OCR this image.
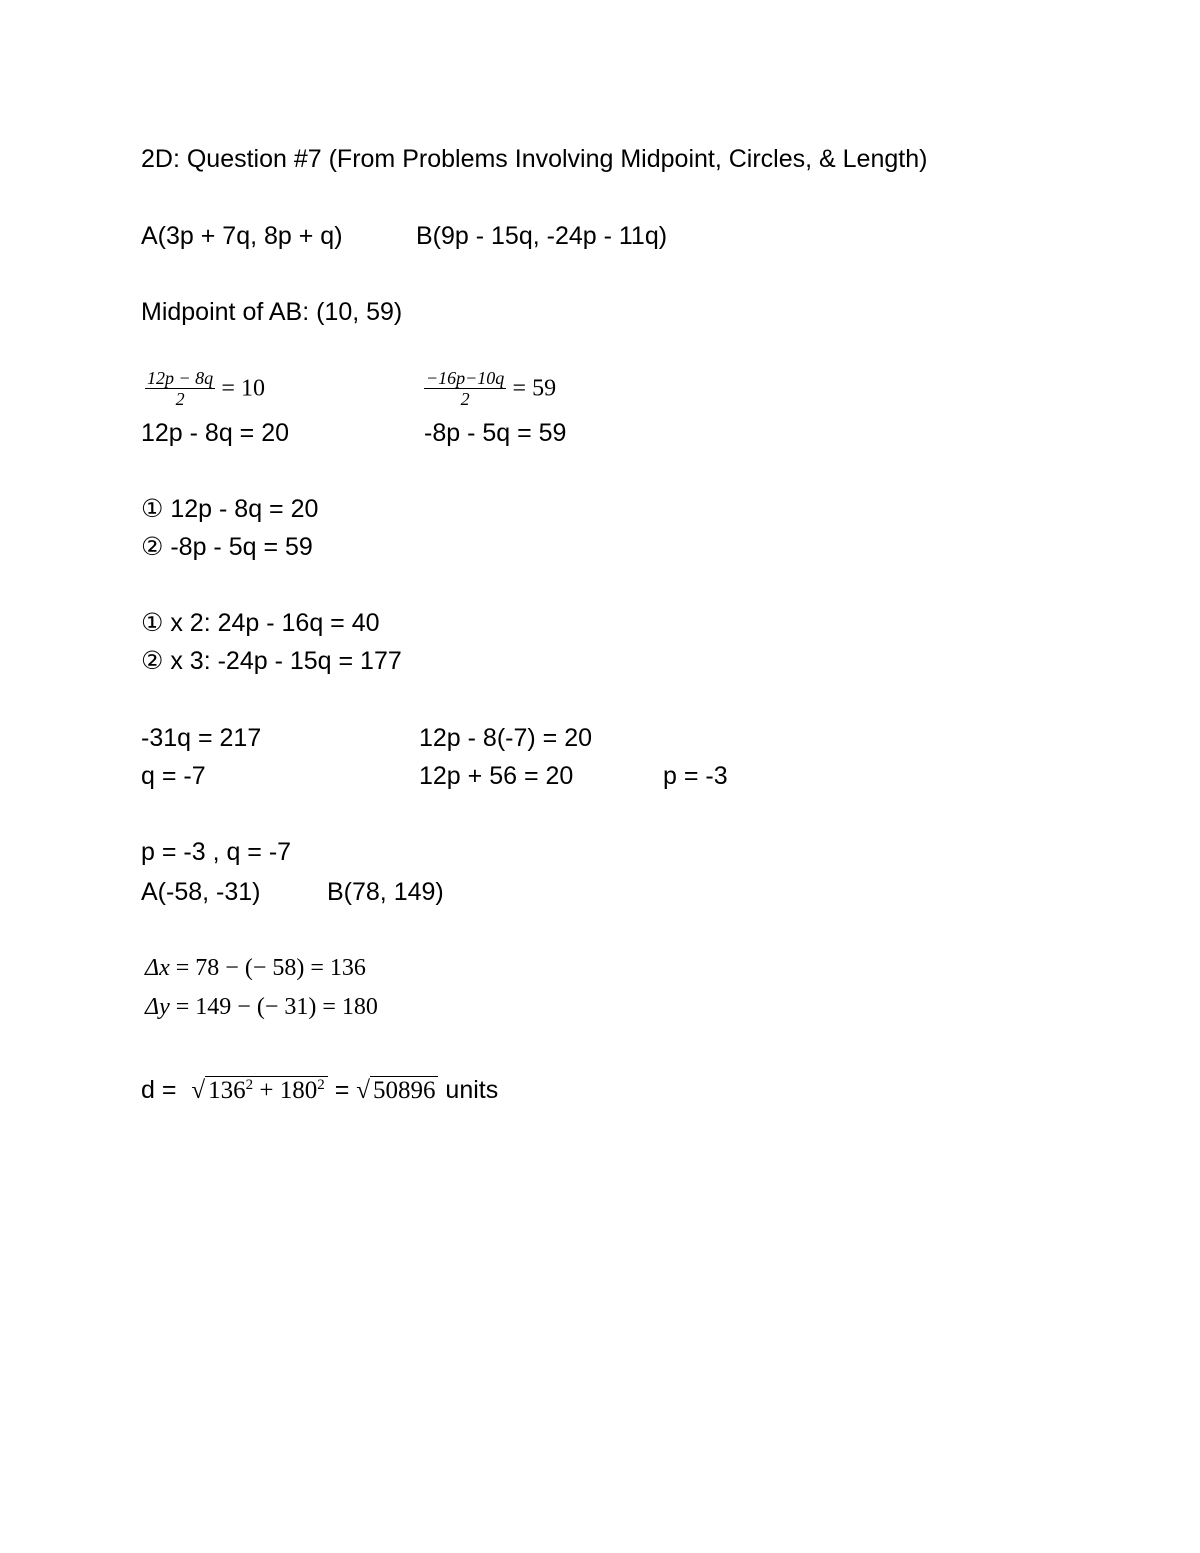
2D: Question #7 (From Problems Involving Midpoint, Circles, & Length)
A(3p + 7q, 8p + q)	B(9p - 15q, -24p - 11q)
Midpoint of AB: (10, 59)
$\frac{12p - 8q}{2} = 10$	$\frac{-16p-10q}{2} = 59$
12p - 8q = 20	-8p - 5q = 59
① 12p - 8q = 20
② -8p - 5q = 59
① x 2: 24p - 16q = 40
② x 3: -24p - 15q = 177
-31q = 217	12p - 8(-7) = 20
q = -7	12p + 56 = 20	p = -3
p = -3 , q = -7
A(-58, -31)	B(78, 149)
Δx = 78 − (− 58) = 136
Δy = 149 − (− 31) = 180
d = √ $136^2 + 180^2$ = √ 50896 units
